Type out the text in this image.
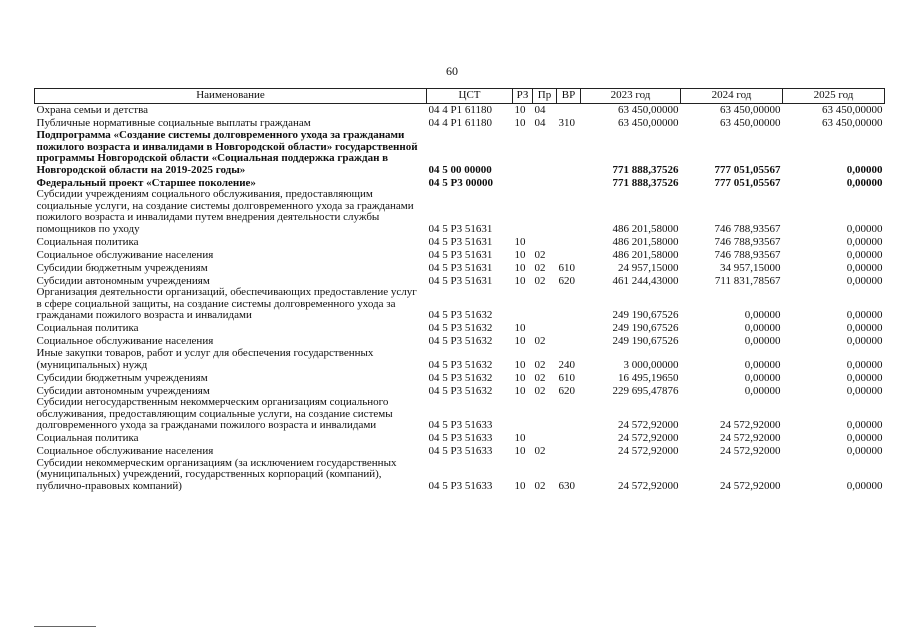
60
Наименование	ЦСТ	РЗ	Пр	ВР	2023 год	2024 год	2025 год
Охрана семьи и детства	04 4 Р1 61180	10	04		63 450,00000	63 450,00000	63 450,00000
Публичные нормативные социальные выплаты гражданам	04 4 Р1 61180	10	04	310	63 450,00000	63 450,00000	63 450,00000
Подпрограмма «Создание системы долговременного ухода за гражданами пожилого возраста и инвалидами в Новгородской области» государственной программы Новгородской области «Социальная поддержка граждан в Новгородской области на 2019-2025 годы»	04 5 00 00000				771 888,37526	777 051,05567	0,00000
Федеральный проект «Старшее поколение»	04 5 Р3 00000				771 888,37526	777 051,05567	0,00000
Субсидии учреждениям социального обслуживания, предоставляющим социальные услуги, на создание системы долговременного ухода за гражданами пожилого возраста и инвалидами путем внедрения деятельности службы помощников по уходу	04 5 Р3 51631				486 201,58000	746 788,93567	0,00000
Социальная политика	04 5 Р3 51631	10			486 201,58000	746 788,93567	0,00000
Социальное обслуживание населения	04 5 Р3 51631	10	02		486 201,58000	746 788,93567	0,00000
Субсидии бюджетным учреждениям	04 5 Р3 51631	10	02	610	24 957,15000	34 957,15000	0,00000
Субсидии автономным учреждениям	04 5 Р3 51631	10	02	620	461 244,43000	711 831,78567	0,00000
Организация деятельности организаций, обеспечивающих предоставление услуг в сфере социальной защиты, на создание системы долговременного ухода за гражданами пожилого возраста и инвалидами	04 5 Р3 51632				249 190,67526	0,00000	0,00000
Социальная политика	04 5 Р3 51632	10			249 190,67526	0,00000	0,00000
Социальное обслуживание населения	04 5 Р3 51632	10	02		249 190,67526	0,00000	0,00000
Иные закупки товаров, работ и услуг для обеспечения государственных (муниципальных) нужд	04 5 Р3 51632	10	02	240	3 000,00000	0,00000	0,00000
Субсидии бюджетным учреждениям	04 5 Р3 51632	10	02	610	16 495,19650	0,00000	0,00000
Субсидии автономным учреждениям	04 5 Р3 51632	10	02	620	229 695,47876	0,00000	0,00000
Субсидии негосударственным некоммерческим организациям социального обслуживания, предоставляющим социальные услуги, на создание системы долговременного ухода за гражданами пожилого возраста и инвалидами	04 5 Р3 51633				24 572,92000	24 572,92000	0,00000
Социальная политика	04 5 Р3 51633	10			24 572,92000	24 572,92000	0,00000
Социальное обслуживание населения	04 5 Р3 51633	10	02		24 572,92000	24 572,92000	0,00000
Субсидии некоммерческим организациям (за исключением государственных (муниципальных) учреждений, государственных корпораций (компаний), публично-правовых компаний)	04 5 Р3 51633	10	02	630	24 572,92000	24 572,92000	0,00000
